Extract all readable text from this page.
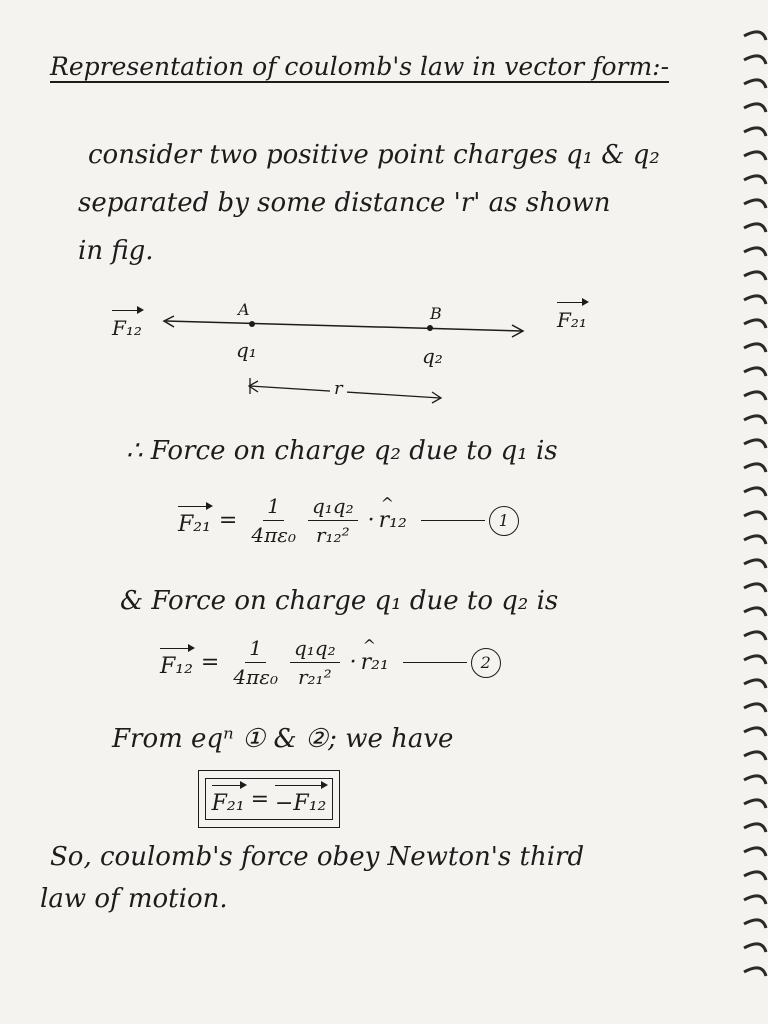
Representation of coulomb's law in vector form:-
consider two positive point charges q₁ & q₂
separated by some distance 'r' as shown
in fig.
F₁₂	F₂₁
A	B
q₁	q₂
r
∴ Force on charge q₂ due to q₁ is
$F_{21} = \frac{1}{\text{4πε₀}} \frac{\text{q₁q₂}}{\text{r₁₂²}}$ · ^ r₁₂	1
& Force on charge q₁ due to q₂ is
$F_{12} = \frac{1}{\text{4πε₀}} \frac{\text{q₁q₂}}{\text{r₂₁²}}$ · ^ r₂₁	2
From eqⁿ ① & ②; we have
F₂₁ = −F₁₂
So, coulomb's force obey Newton's third
law of motion.
